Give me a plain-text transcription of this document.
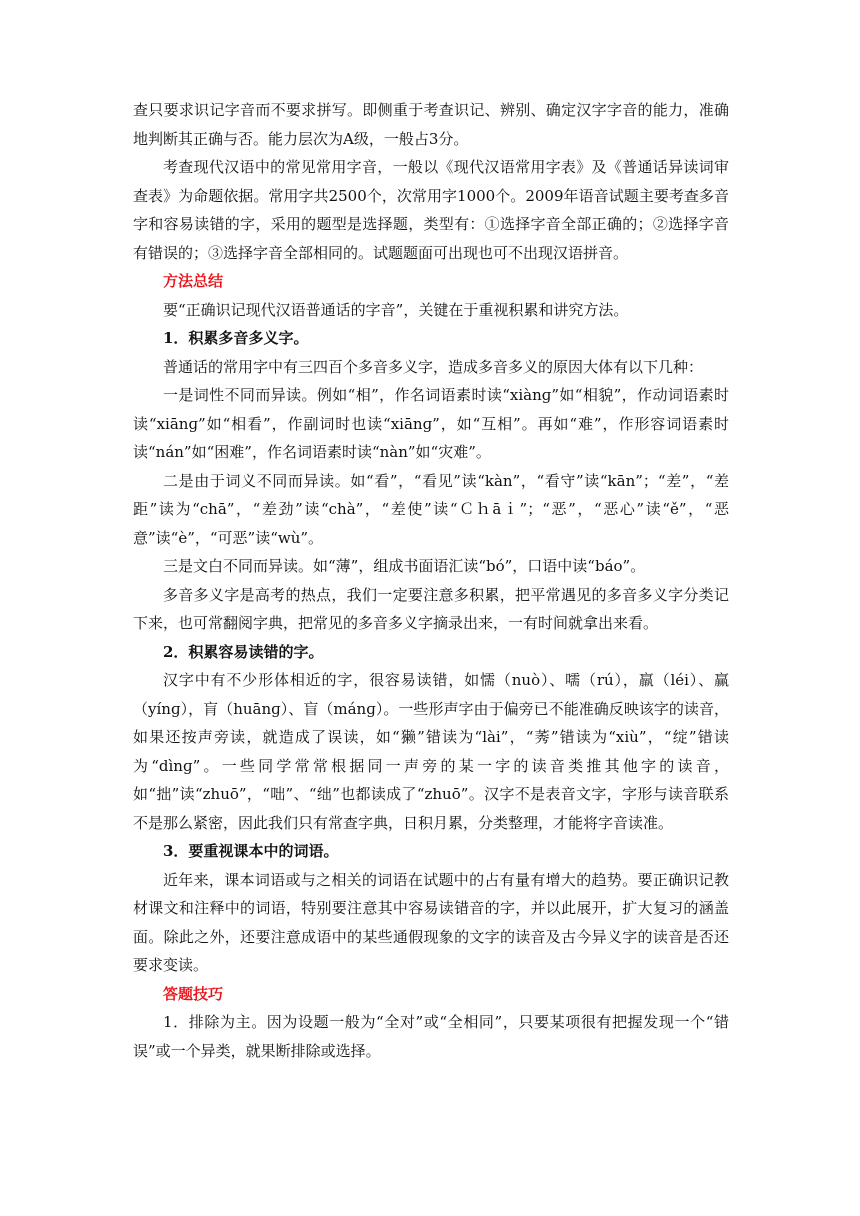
查只要求识记字音而不要求拼写。即侧重于考查识记、辨别、确定汉字字音的能力，准确地判断其正确与否。能力层次为A级，一般占3分。

考查现代汉语中的常见常用字音，一般以《现代汉语常用字表》及《普通话异读词审查表》为命题依据。常用字共2500个，次常用字1000个。2009年语音试题主要考查多音字和容易读错的字，采用的题型是选择题，类型有：①选择字音全部正确的；②选择字音有错误的；③选择字音全部相同的。试题题面可出现也可不出现汉语拼音。

方法总结

要“正确识记现代汉语普通话的字音”，关键在于重视积累和讲究方法。

1．积累多音多义字。

普通话的常用字中有三四百个多音多义字，造成多音多义的原因大体有以下几种：

一是词性不同而异读。例如“相”，作名词语素时读“xiànɡ”如“相貌”，作动词语素时读“xiānɡ”如“相看”，作副词时也读“xiānɡ”，如“互相”。再如“难”，作形容词语素时读“nán”如“困难”，作名词语素时读“nàn”如“灾难”。

二是由于词义不同而异读。如“看”，“看见”读“kàn”，“看守”读“kān”；“差”，“差距”读为“chā”，“差劲”读“chà”，“差使”读“Ｃｈāｉ”；“恶”，“恶心”读“ě”，“恶意”读“è”，“可恶”读“wù”。

三是文白不同而异读。如“薄”，组成书面语汇读“bó”，口语中读“báo”。

多音多义字是高考的热点，我们一定要注意多积累，把平常遇见的多音多义字分类记下来，也可常翻阅字典，把常见的多音多义字摘录出来，一有时间就拿出来看。

2．积累容易读错的字。

汉字中有不少形体相近的字，很容易读错，如懦（nuò）、嚅（rú），羸（léi）、赢（yínɡ），肓（huānɡ）、盲（mánɡ）。一些形声字由于偏旁已不能准确反映该字的读音，如果还按声旁读，就造成了误读，如“獭”错读为“lài”，“莠”错读为“xiù”，“绽”错读为“dìnɡ”。一些同学常常根据同一声旁的某一字的读音类推其他字的读音，如“拙”读“zhuō”，“咄”、“绌”也都读成了“zhuō”。汉字不是表音文字，字形与读音联系不是那么紧密，因此我们只有常查字典，日积月累，分类整理，才能将字音读准。

3．要重视课本中的词语。

近年来，课本词语或与之相关的词语在试题中的占有量有增大的趋势。要正确识记教材课文和注释中的词语，特别要注意其中容易读错音的字，并以此展开，扩大复习的涵盖面。除此之外，还要注意成语中的某些通假现象的文字的读音及古今异义字的读音是否还要求变读。

答题技巧

1．排除为主。因为设题一般为“全对”或“全相同”，只要某项很有把握发现一个“错误”或一个异类，就果断排除或选择。
